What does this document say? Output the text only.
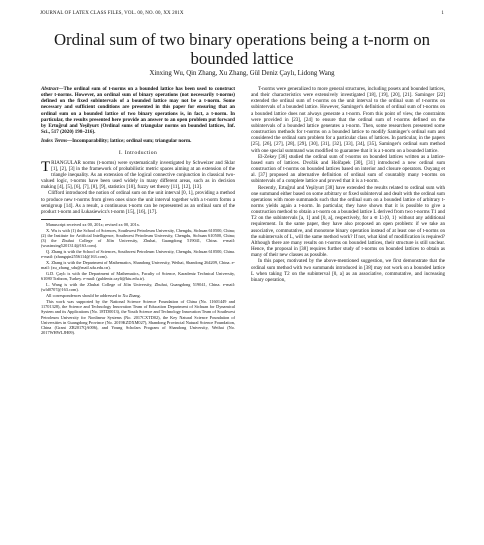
JOURNAL OF LATEX CLASS FILES, VOL. 00, NO. 00, XX 201X	1
Ordinal sum of two binary operations being a t-norm on bounded lattice
Xinxing Wu, Qin Zhang, Xu Zhang, Gül Deniz Çaylı, Lidong Wang
Abstract—The ordinal sum of t-norms on a bounded lattice has been used to construct other t-norms. However, an ordinal sum of binary operations (not necessarily t-norms) defined on the fixed subintervals of a bounded lattice may not be a t-norm. Some necessary and sufficient conditions are presented in this paper for ensuring that an ordinal sum on a bounded lattice of two binary operations is, in fact, a t-norm. In particular, the results presented here provide an answer to an open problem put forward by Ertuğrul and Yeşilyurt (Ordinal sums of triangular norms on bounded lattices, Inf. Sci., 517 (2020) 198–216).
Index Terms—Incomparability; lattice; ordinal sum; triangular norm.
I. Introduction

TRIANGULAR norms (t-norms) were systematically investigated by Schweizer and Sklar [1], [2], [3] in the framework of probabilistic metric spaces aiming at an extension of the triangle inequality. As an extension of the logical connective conjunction in classical two-valued logic, t-norms have been used widely in many different areas, such as in decision making [4], [5], [6], [7], [8], [9], statistics [10], fuzzy set theory [11], [12], [13].

Clifford introduced the notion of ordinal sum on the unit interval [0, 1], providing a method to produce new t-norms from given ones since the unit interval together with a t-norm forms a semigroup [14]. As a result, a continuous t-norm can be represented as an ordinal sum of the product t-norm and Łukasiewicz's t-norm [15], [16], [17].

Manuscript received xx 00, 201x; revised xx 00, 201x.

X. Wu is with (1) the School of Sciences, Southwest Petroleum University, Chengdu, Sichuan 610500, China; (2) the Institute for Artificial Intelligence, Southwest Petroleum University, Chengdu, Sichuan 610500, China; (3) the Zhuhai College of Jilin University, Zhuhai, Guangdong 519041, China. e-mail: (wuxinxing5201314@163.com).

Q. Zhang is with the School of Sciences, Southwest Petroleum University, Chengdu, Sichuan 610500, China. e-mail: (zhangqin2556114@163.com).

X. Zhang is with the Department of Mathematics, Shandong University, Weihai, Shandong 264209, China. e-mail: (xu_zhang_sdu@mail.sdu.edu.cn).

G.D. Çaylı is with the Department of Mathematics, Faculty of Science, Karadeniz Technical University, 61080 Trabzon, Turkey. e-mail: (guldeniz.cayli@ktu.edu.tr).

L. Wang is with the Zhuhai College of Jilin University, Zhuhai, Guangdong 519041, China. e-mail: (wld0707@163.com).

All correspondences should be addressed to Xu Zhang.

This work was supported by the National Science Science Foundation of China (No. 11601449 and 11701328), the Science and Technology Innovation Team of Education Department of Sichuan for Dynamical System and its Applications (No. 18TD0013), the Youth Science and Technology Innovation Team of Southwest Petroleum University for Nonlinear Systems (No. 2017CXTD02), the Key Natural Science Foundation of Universities in Guangdong Province (No. 2019KZDXM027), Shandong Provincial Natural Science Foundation, China (Grant ZR2017QA006), and Young Scholars Program of Shandong University, Weihai (No. 2017WHWLJH09).

T-norms were generalized to more general structures, including posets and bounded lattices, and their characteristics were extensively investigated [18], [19], [20], [21]. Saminger [22] extended the ordinal sum of t-norms on the unit interval to the ordinal sum of t-norms on subintervals of a bounded lattice. However, Saminger's definition of ordinal sum of t-norms on a bounded lattice does not always generate a t-norm. From this point of view, the constraints were provided in [23], [24] to ensure that the ordinal sum of t-norms defined on the subintervals of a bounded lattice generates a t-norm. Then, some researchers presented some construction methods for t-norms on a bounded lattice to modify Saminger's ordinal sum and considered the ordinal sum problem for a particular class of lattices. In particular, in the papers [25], [26], [27], [28], [29], [30], [31], [32], [33], [34], [35], Saminger's ordinal sum method with one special summand was modified to guarantee that it is a t-norm on a bounded lattice.

El-Zekey [36] studied the ordinal sum of t-norms on bounded lattices written as a lattice-based sum of lattices. Dvořák and Holčapek [30], [31] introduced a new ordinal sum construction of t-norms on bounded lattices based on interior and closure operators. Ouyang et al. [37] proposed an alternative definition of ordinal sum of countably many t-norms on subintervals of a complete lattice and proved that it is a t-norm.

Recently, Ertuğrul and Yeşilyurt [38] have extended the results related to ordinal sum with one summand either based on some arbitrary or fixed subinterval and dealt with the ordinal sum operations with more summands such that the ordinal sum on a bounded lattice of arbitrary t-norms yields again a t-norm. In particular, they have shown that it is possible to give a construction method to obtain a t-norm on a bounded lattice L derived from two t-norms T1 and T2 on the subintervals [a, 1] and [0, a], respectively, for a ∈ L\{0, 1} without any additional requirement. In the same paper, they have also proposed an open problem: if we take an associative, commutative, and monotone binary operation instead of at least one of t-norms on the subintervals of L, will the same method work? If not, what kind of modification is required? Although there are many results on t-norms on bounded lattices, their structure is still unclear. Hence, the proposal in [38] requires further study of t-norms on bounded lattices to obtain as many of their new classes as possible.

In this paper, motivated by the above-mentioned suggestion, we first demonstrate that the ordinal sum method with two summands introduced in [38] may not work on a bounded lattice L when taking T2 on the subinterval [0, a] as an associative, commutative, and increasing binary operation,
